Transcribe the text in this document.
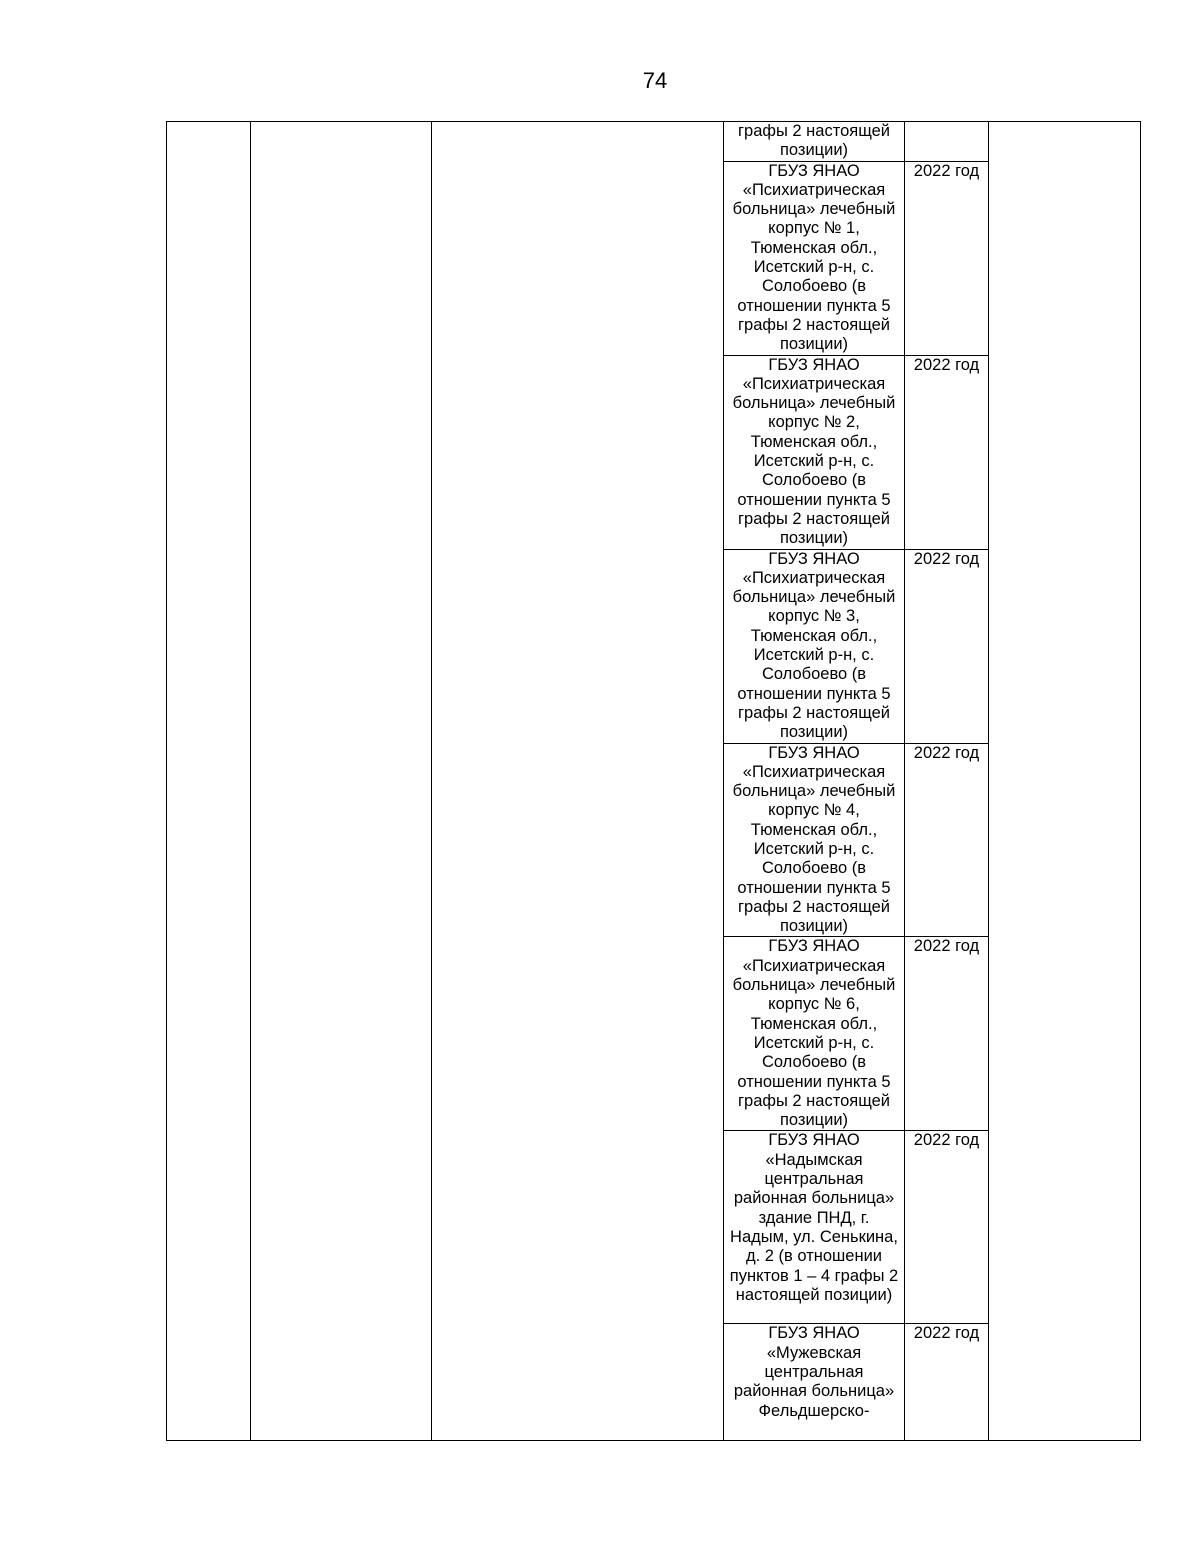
74
			графы 2 настоящей позиции)		
			ГБУЗ ЯНАО «Психиатрическая больница» лечебный корпус № 1, Тюменская обл., Исетский р-н, с. Солобоево (в отношении пункта 5 графы 2 настоящей позиции)	2022 год	
			ГБУЗ ЯНАО «Психиатрическая больница» лечебный корпус № 2, Тюменская обл., Исетский р-н, с. Солобоево (в отношении пункта 5 графы 2 настоящей позиции)	2022 год	
			ГБУЗ ЯНАО «Психиатрическая больница» лечебный корпус № 3, Тюменская обл., Исетский р-н, с. Солобоево (в отношении пункта 5 графы 2 настоящей позиции)	2022 год	
			ГБУЗ ЯНАО «Психиатрическая больница» лечебный корпус № 4, Тюменская обл., Исетский р-н, с. Солобоево (в отношении пункта 5 графы 2 настоящей позиции)	2022 год	
			ГБУЗ ЯНАО «Психиатрическая больница» лечебный корпус № 6, Тюменская обл., Исетский р-н, с. Солобоево (в отношении пункта 5 графы 2 настоящей позиции)	2022 год	
			ГБУЗ ЯНАО «Надымская центральная районная больница» здание ПНД, г. Надым, ул. Сенькина, д. 2 (в отношении пунктов 1 – 4 графы 2 настоящей позиции)	2022 год	
			ГБУЗ ЯНАО «Мужевская центральная районная больница» Фельдшерско-	2022 год	
